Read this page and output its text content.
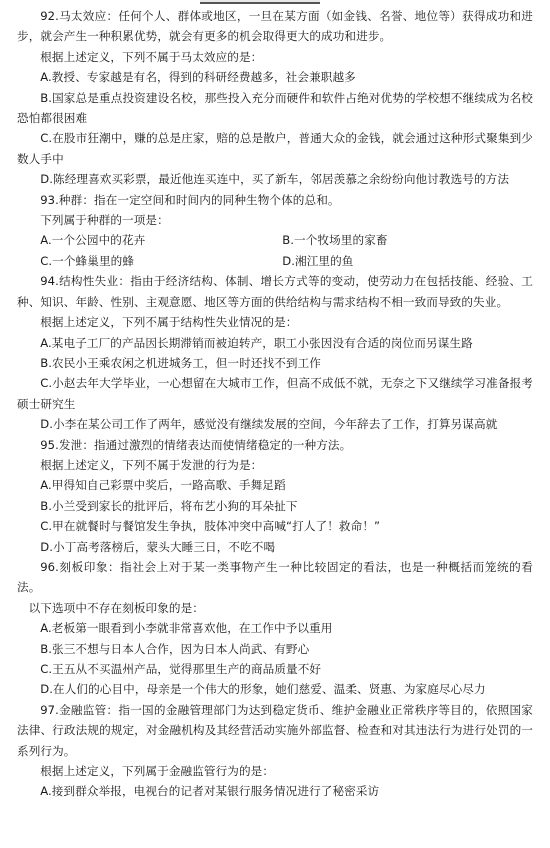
92.马太效应：任何个人、群体或地区，一旦在某方面（如金钱、名誉、地位等）获得成功和进步，就会产生一种积累优势，就会有更多的机会取得更大的成功和进步。

根据上述定义，下列不属于马太效应的是：

A.教授、专家越是有名，得到的科研经费越多，社会兼职越多

B.国家总是重点投资建设名校，那些投入充分而硬件和软件占绝对优势的学校想不继续成为名校恐怕都很困难

C.在股市狂潮中，赚的总是庄家，赔的总是散户，普通大众的金钱，就会通过这种形式聚集到少数人手中

D.陈经理喜欢买彩票，最近他连买连中，买了新车，邻居羡慕之余纷纷向他讨教选号的方法

93.种群：指在一定空间和时间内的同种生物个体的总和。

下列属于种群的一项是：

A.一个公园中的花卉	B.一个牧场里的家畜
C.一个蜂巢里的蜂	D.湘江里的鱼

94.结构性失业：指由于经济结构、体制、增长方式等的变动，使劳动力在包括技能、经验、工种、知识、年龄、性别、主观意愿、地区等方面的供给结构与需求结构不相一致而导致的失业。

根据上述定义，下列不属于结构性失业情况的是：

A.某电子工厂的产品因长期滞销而被迫转产，职工小张因没有合适的岗位而另谋生路

B.农民小王乘农闲之机进城务工，但一时还找不到工作

C.小赵去年大学毕业，一心想留在大城市工作，但高不成低不就，无奈之下又继续学习准备报考硕士研究生

D.小李在某公司工作了两年，感觉没有继续发展的空间，今年辞去了工作，打算另谋高就

95.发泄：指通过激烈的情绪表达而使情绪稳定的一种方法。

根据上述定义，下列不属于发泄的行为是：

A.甲得知自己彩票中奖后，一路高歌、手舞足蹈

B.小兰受到家长的批评后，将布艺小狗的耳朵扯下

C.甲在就餐时与餐馆发生争执，肢体冲突中高喊“打人了！救命！”

D.小丁高考落榜后，蒙头大睡三日，不吃不喝

96.刻板印象：指社会上对于某一类事物产生一种比较固定的看法，也是一种概括而笼统的看法。

以下选项中不存在刻板印象的是：

A.老板第一眼看到小李就非常喜欢他，在工作中予以重用

B.张三不想与日本人合作，因为日本人尚武、有野心

C.王五从不买温州产品，觉得那里生产的商品质量不好

D.在人们的心目中，母亲是一个伟大的形象，她们慈爱、温柔、贤惠、为家庭尽心尽力

97.金融监管：指一国的金融管理部门为达到稳定货币、维护金融业正常秩序等目的，依照国家法律、行政法规的规定，对金融机构及其经营活动实施外部监督、检查和对其违法行为进行处罚的一系列行为。

根据上述定义，下列属于金融监管行为的是：

A.接到群众举报，电视台的记者对某银行服务情况进行了秘密采访
